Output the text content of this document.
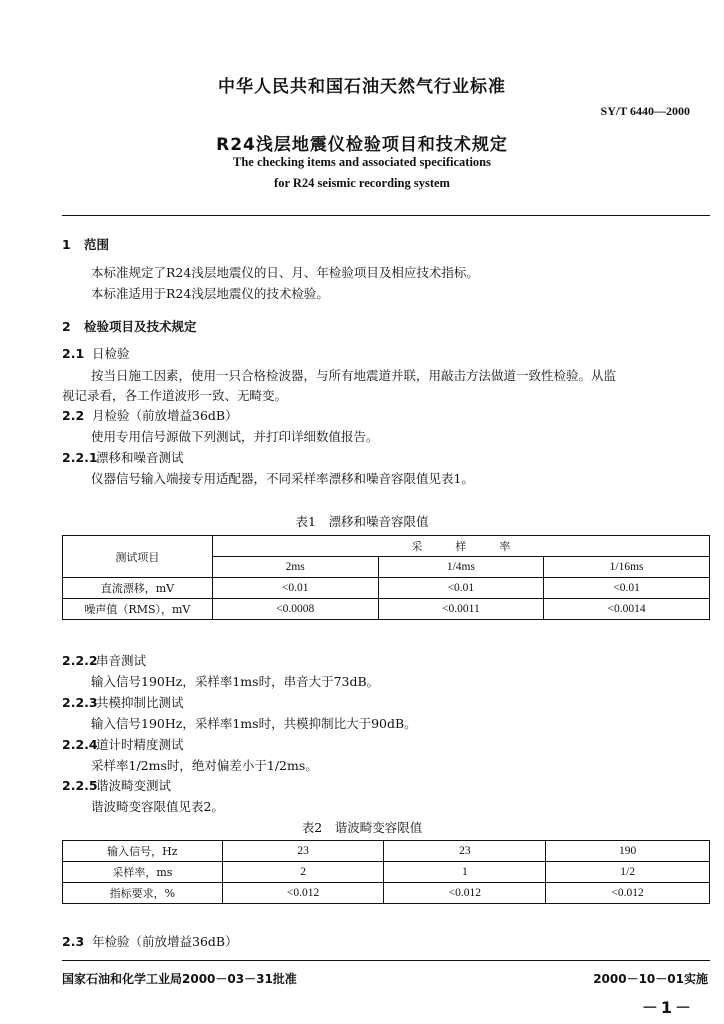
中华人民共和国石油天然气行业标准
SY/T 6440—2000
R24浅层地震仪检验项目和技术规定
The checking items and associated specifications
for R24 seismic recording system
1 范围
本标准规定了R24浅层地震仪的日、月、年检验项目及相应技术指标。
本标准适用于R24浅层地震仪的技术检验。
2 检验项目及技术规定
2.1 日检验
按当日施工因素，使用一只合格检波器，与所有地震道并联，用敲击方法做道一致性检验。从监
视记录看，各工作道波形一致、无畸变。
2.2 月检验（前放增益36dB）
使用专用信号源做下列测试，并打印详细数值报告。
2.2.1漂移和噪音测试
仪器信号输入端接专用适配器，不同采样率漂移和噪音容限值见表1。
表1　漂移和噪音容限值
测试项目	采　　　样　　　率		
	2ms	1/4ms	1/16ms
直流漂移，mV	<0.01	<0.01	<0.01
噪声值（RMS），mV	<0.0008	<0.0011	<0.0014
2.2.2串音测试
输入信号190Hz，采样率1ms时，串音大于73dB。
2.2.3共模抑制比测试
输入信号190Hz，采样率1ms时，共模抑制比大于90dB。
2.2.4道计时精度测试
采样率1/2ms时，绝对偏差小于1/2ms。
2.2.5谐波畸变测试
谐波畸变容限值见表2。
表2　谐波畸变容限值
输入信号，Hz	23	23	190
采样率，ms	2	1	1/2
指标要求，%	<0.012	<0.012	<0.012
2.3 年检验（前放增益36dB）
国家石油和化学工业局2000－03－31批准	2000－10－01实施
－1－
